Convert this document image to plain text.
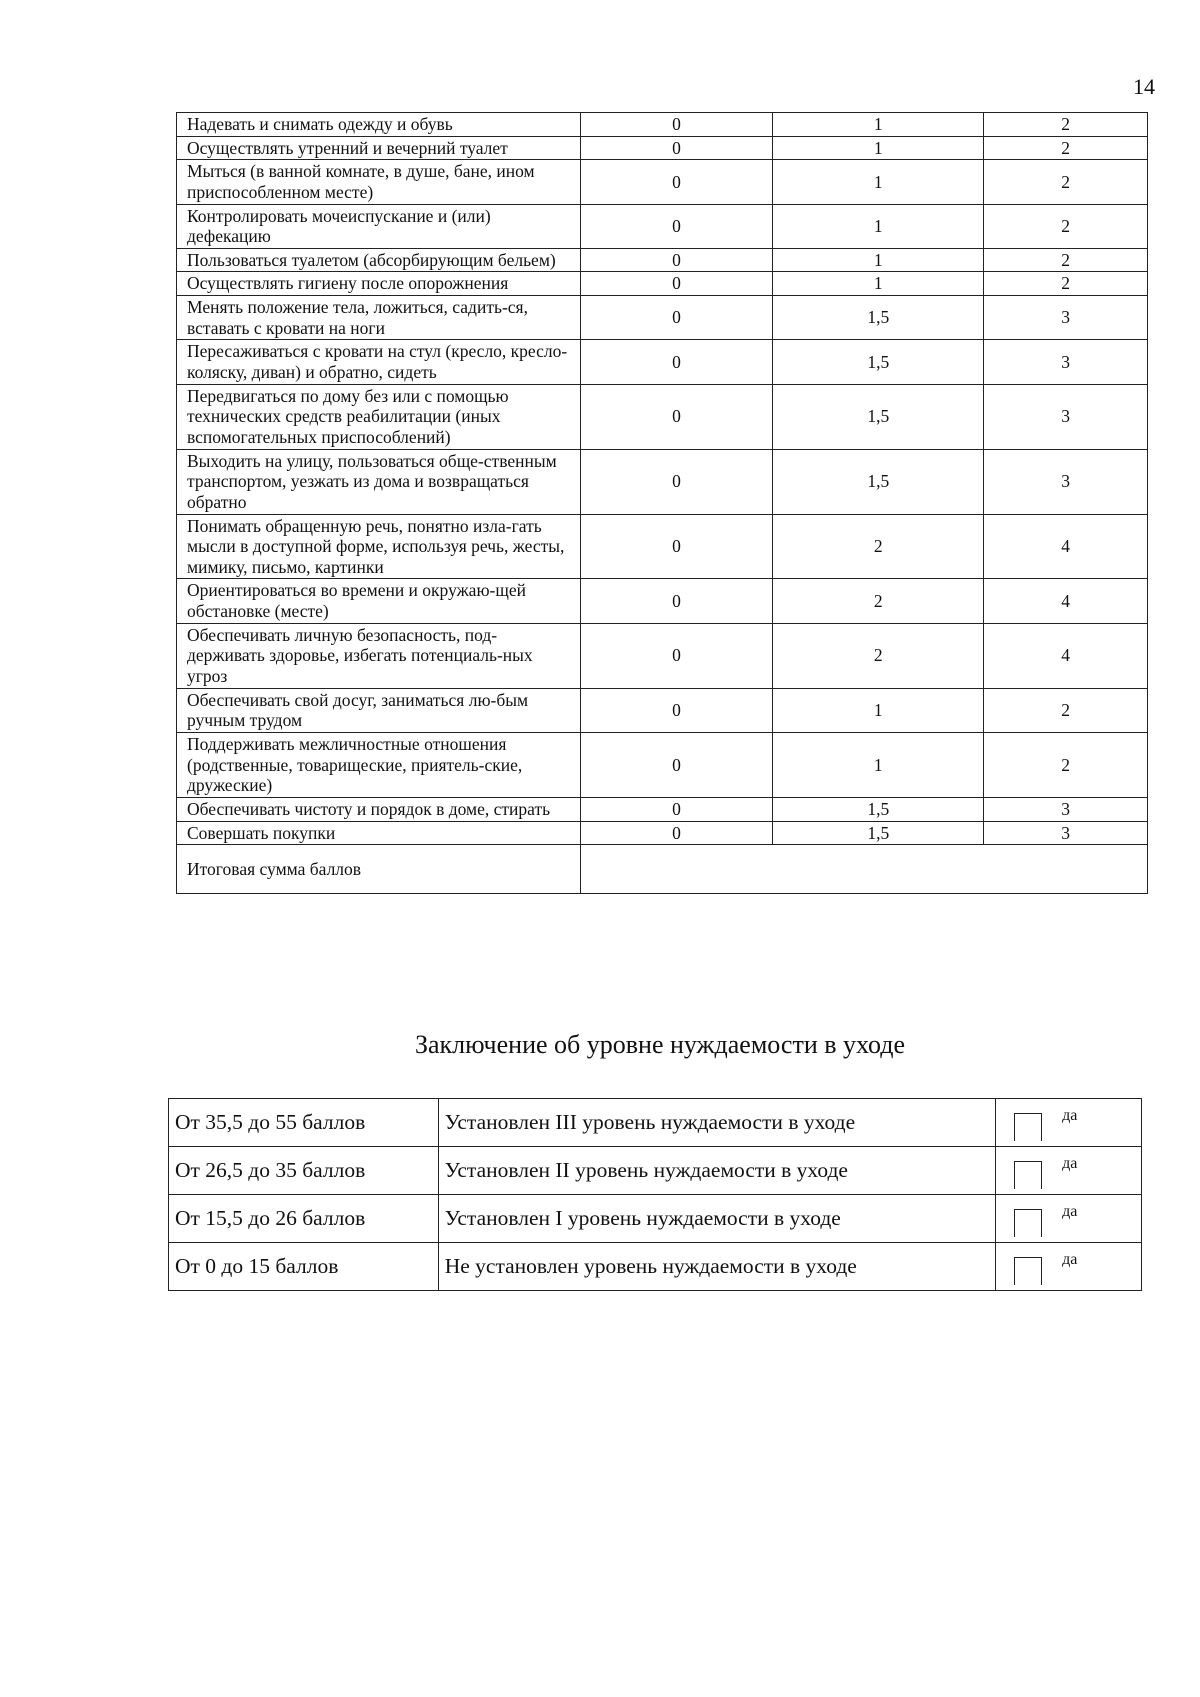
14
Надевать и снимать одежду и обувь	0	1	2
Осуществлять утренний и вечерний туалет	0	1	2
Мыться (в ванной комнате, в душе, бане, ином приспособленном месте)	0	1	2
Контролировать мочеиспускание и (или) дефекацию	0	1	2
Пользоваться туалетом (абсорбирующим бельем)	0	1	2
Осуществлять гигиену после опорожнения	0	1	2
Менять положение тела, ложиться, садить-ся, вставать с кровати на ноги	0	1,5	3
Пересаживаться с кровати на стул (кресло, кресло-коляску, диван) и обратно, сидеть	0	1,5	3
Передвигаться по дому без или с помощью технических средств реабилитации (иных вспомогательных приспособлений)	0	1,5	3
Выходить на улицу, пользоваться обще-ственным транспортом, уезжать из дома и возвращаться обратно	0	1,5	3
Понимать обращенную речь, понятно изла-гать мысли в доступной форме, используя речь, жесты, мимику, письмо, картинки	0	2	4
Ориентироваться во времени и окружаю-щей обстановке (месте)	0	2	4
Обеспечивать личную безопасность, под-держивать здоровье, избегать потенциаль-ных угроз	0	2	4
Обеспечивать свой досуг, заниматься лю-бым ручным трудом	0	1	2
Поддерживать межличностные отношения (родственные, товарищеские, приятель-ские, дружеские)	0	1	2
Обеспечивать чистоту и порядок в доме, стирать	0	1,5	3
Совершать покупки	0	1,5	3
Итоговая сумма баллов			
Заключение об уровне нуждаемости в уходе
От 35,5 до 55 баллов	Установлен III уровень нуждаемости в уходе	да

От 26,5 до 35 баллов	Установлен II уровень нуждаемости в уходе	да

От 15,5 до 26 баллов	Установлен I уровень нуждаемости в уходе	да

От 0 до 15 баллов	Не установлен уровень нуждаемости в уходе	да
